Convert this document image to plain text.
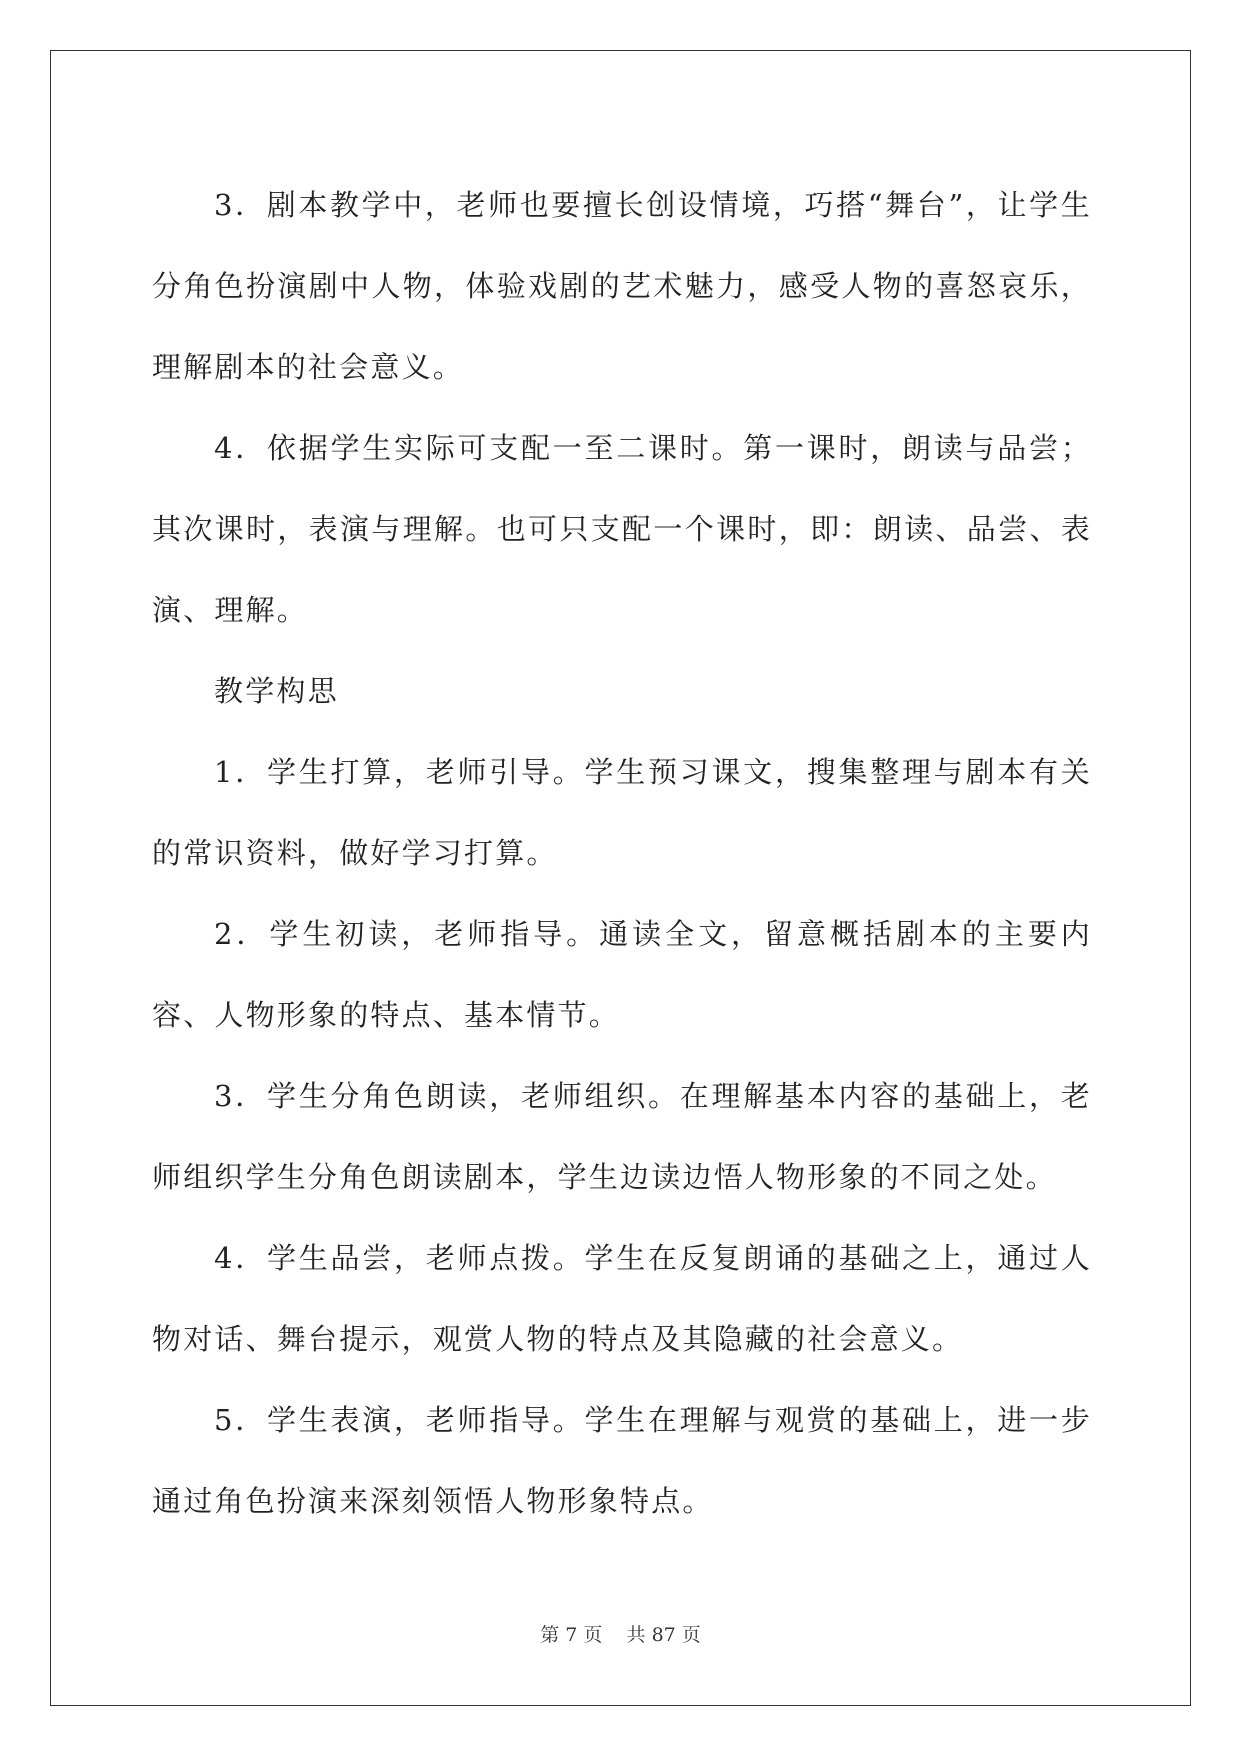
3．剧本教学中，老师也要擅长创设情境，巧搭“舞台”，让学生分角色扮演剧中人物，体验戏剧的艺术魅力，感受人物的喜怒哀乐，理解剧本的社会意义。

4．依据学生实际可支配一至二课时。第一课时，朗读与品尝；其次课时，表演与理解。也可只支配一个课时，即：朗读、品尝、表演、理解。

教学构思

1．学生打算，老师引导。学生预习课文，搜集整理与剧本有关的常识资料，做好学习打算。

2．学生初读，老师指导。通读全文，留意概括剧本的主要内容、人物形象的特点、基本情节。

3．学生分角色朗读，老师组织。在理解基本内容的基础上，老师组织学生分角色朗读剧本，学生边读边悟人物形象的不同之处。

4．学生品尝，老师点拨。学生在反复朗诵的基础之上，通过人物对话、舞台提示，观赏人物的特点及其隐藏的社会意义。

5．学生表演，老师指导。学生在理解与观赏的基础上，进一步通过角色扮演来深刻领悟人物形象特点。

第 7 页    共 87 页
